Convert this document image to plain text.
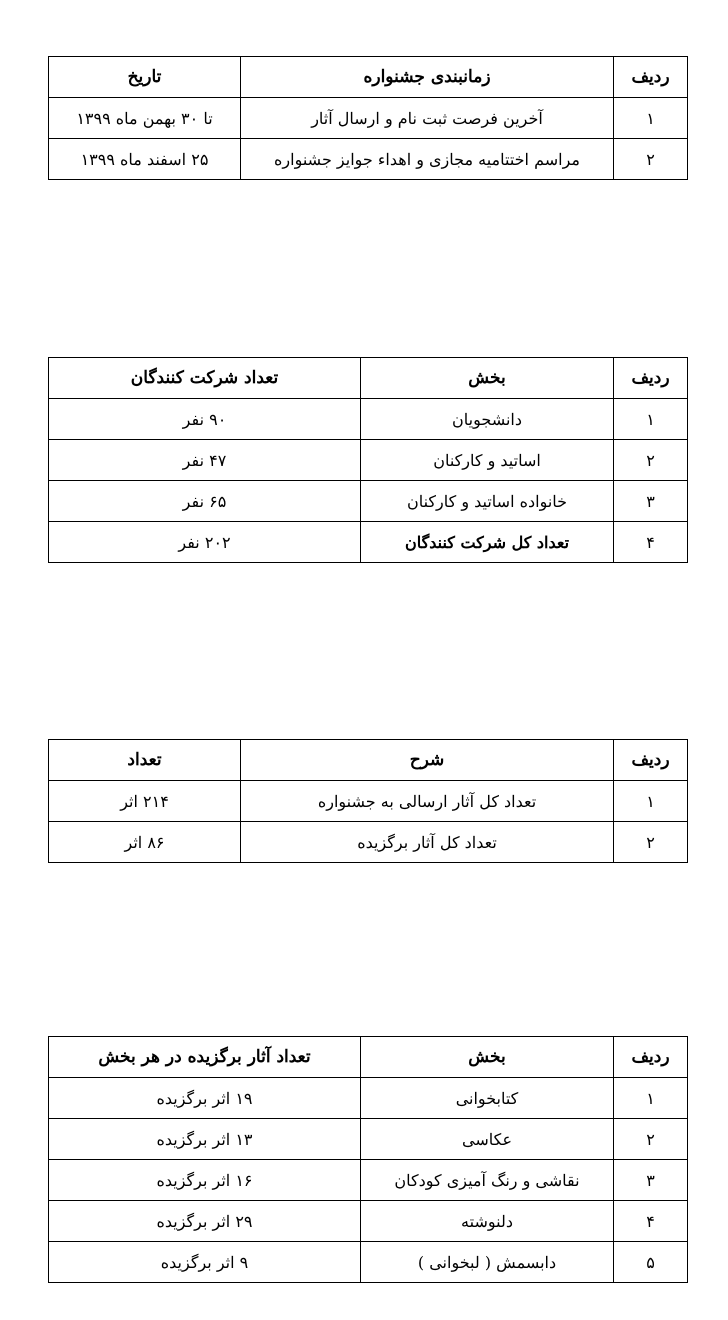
ردیف	زمانبندی جشنواره	تاریخ
۱	آخرین فرصت ثبت نام و ارسال آثار	تا ۳۰ بهمن ماه ۱۳۹۹
۲	مراسم اختتامیه مجازی و اهداء جوایز جشنواره	۲۵ اسفند ماه ۱۳۹۹
ردیف	بخش	تعداد شرکت کنندگان
۱	دانشجویان	۹۰ نفر
۲	اساتید و کارکنان	۴۷ نفر
۳	خانواده اساتید و کارکنان	۶۵ نفر
۴	تعداد کل شرکت کنندگان	۲۰۲ نفر
ردیف	شرح	تعداد
۱	تعداد کل آثار ارسالی به جشنواره	۲۱۴ اثر
۲	تعداد کل آثار برگزیده	۸۶ اثر
ردیف	بخش	تعداد آثار برگزیده در هر بخش
۱	کتابخوانی	۱۹ اثر برگزیده
۲	عکاسی	۱۳ اثر برگزیده
۳	نقاشی و رنگ آمیزی کودکان	۱۶ اثر برگزیده
۴	دلنوشته	۲۹ اثر برگزیده
۵	دابسمش ( لبخوانی )	۹ اثر برگزیده
